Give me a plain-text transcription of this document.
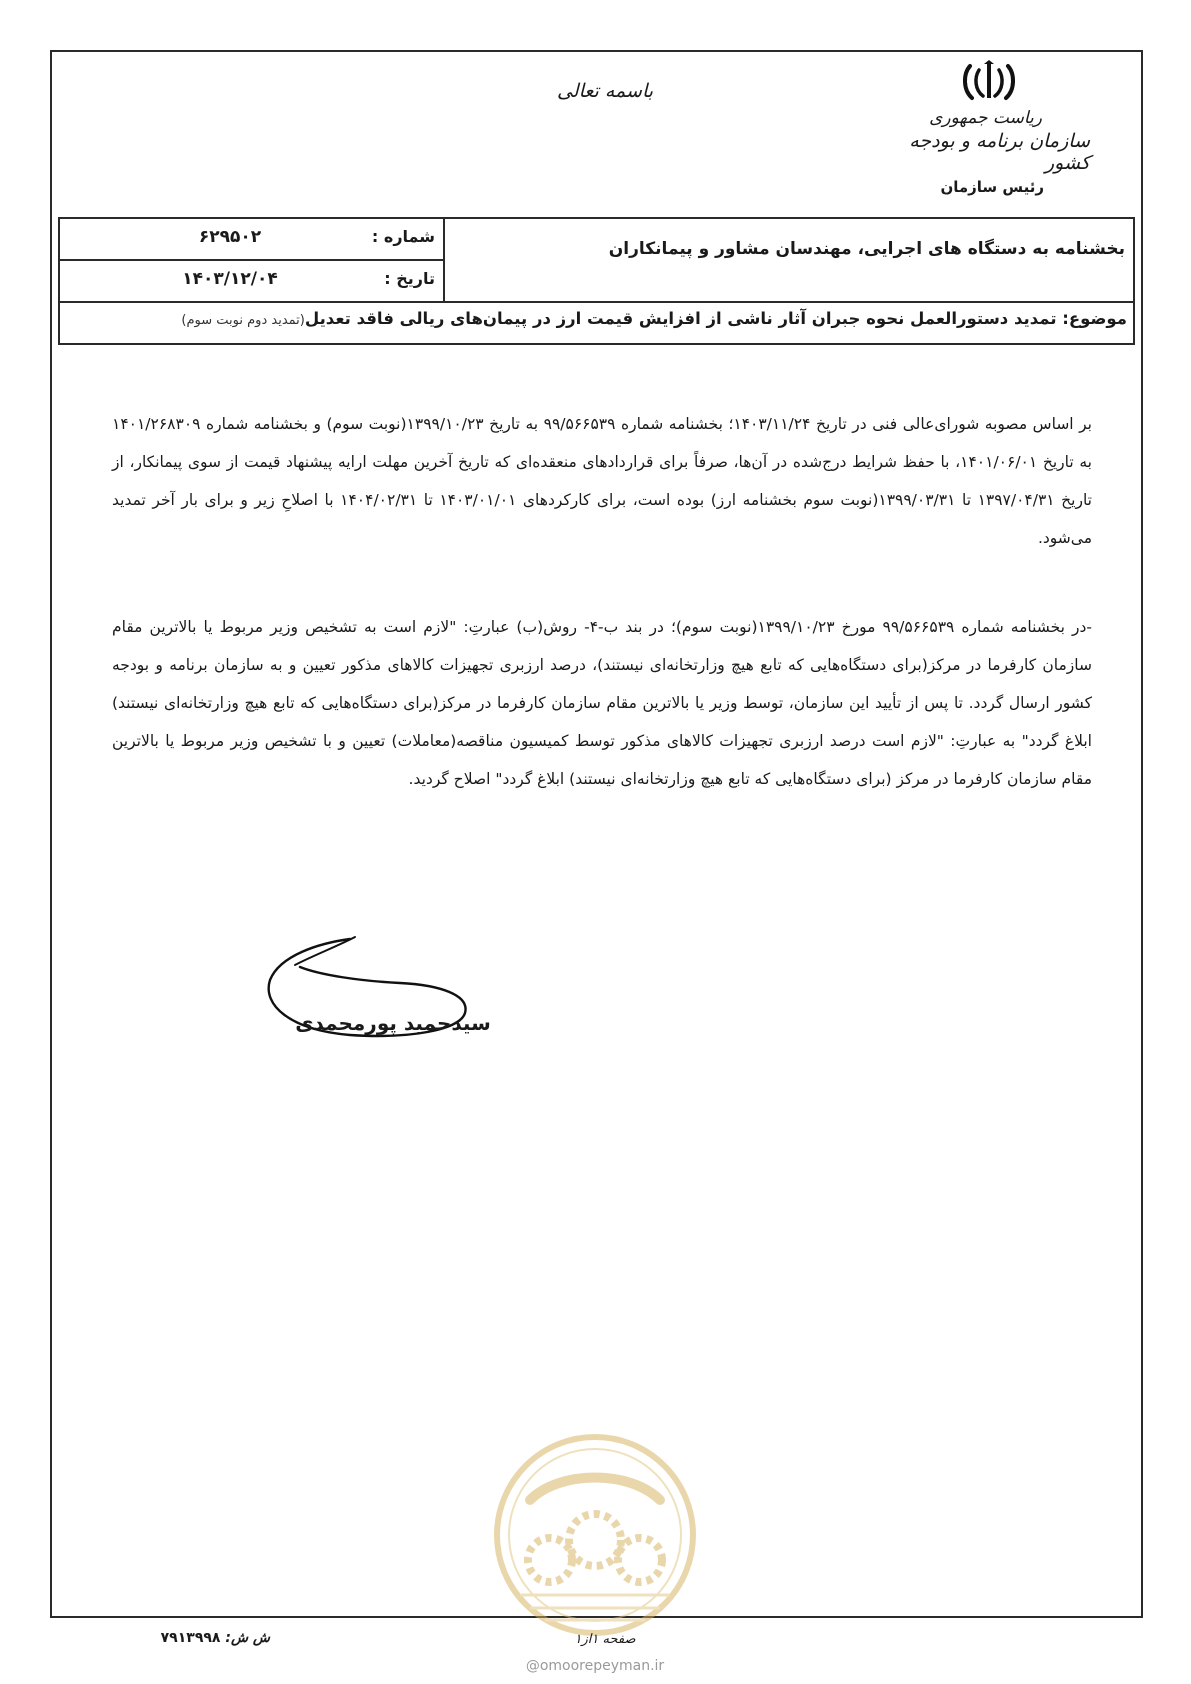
باسمه تعالی
ریاست جمهوری
سازمان برنامه و بودجه کشور
رئیس سازمان
بخشنامه به دستگاه های اجرایی، مهندسان مشاور و پیمانکاران
شماره :
۶۲۹۵۰۲
تاریخ :
۱۴۰۳/۱۲/۰۴
موضوع: تمدید دستورالعمل نحوه جبران آثار ناشی از افزایش قیمت ارز در پیمان‌های ریالی فاقد تعدیل(تمدید دوم نوبت سوم)
بر اساس مصوبه شورای‌عالی فنی در تاریخ ۱۴۰۳/۱۱/۲۴؛ بخشنامه شماره ۹۹/۵۶۶۵۳۹ به تاریخ ۱۳۹۹/۱۰/۲۳(نوبت سوم) و بخشنامه شماره ۱۴۰۱/۲۶۸۳۰۹ به تاریخ ۱۴۰۱/۰۶/۰۱، با حفظ شرایط درج‌شده در آن‌ها، صرفاً برای قراردادهای منعقده‌ای که تاریخ آخرین مهلت ارایه پیشنهاد قیمت از سوی پیمانکار، از تاریخ ۱۳۹۷/۰۴/۳۱ تا ۱۳۹۹/۰۳/۳۱(نوبت سوم بخشنامه ارز) بوده است، برای کارکردهای ۱۴۰۳/۰۱/۰۱ تا ۱۴۰۴/۰۲/۳۱ با اصلاحِ زیر و برای بار آخر تمدید می‌شود.
-در بخشنامه شماره ۹۹/۵۶۶۵۳۹ مورخ ۱۳۹۹/۱۰/۲۳(نوبت سوم)؛ در بند ب-۴- روش(ب) عبارتِ: "لازم است به تشخیص وزیر مربوط یا بالاترین مقام سازمان کارفرما در مرکز(برای دستگاه‌هایی که تابع هیچ وزارتخانه‌ای نیستند)، درصد ارزبری تجهیزات کالاهای مذکور تعیین و به سازمان برنامه و بودجه کشور ارسال گردد. تا پس از تأیید این سازمان، توسط وزیر یا بالاترین مقام سازمان کارفرما در مرکز(برای دستگاه‌هایی که تابع هیچ وزارتخانه‌ای نیستند) ابلاغ گردد" به عبارتِ: "لازم است درصد ارزبری تجهیزات کالاهای مذکور توسط کمیسیون مناقصه(معاملات) تعیین و با تشخیص وزیر مربوط یا بالاترین مقام سازمان کارفرما در مرکز (برای دستگاه‌هایی که تابع هیچ وزارتخانه‌ای نیستند) ابلاغ گردد" اصلاح گردید.
سیدحمید پورمحمدی
@omoorepeyman.ir
صفحه ۱از۱
ش ش: ۷۹۱۳۹۹۸
